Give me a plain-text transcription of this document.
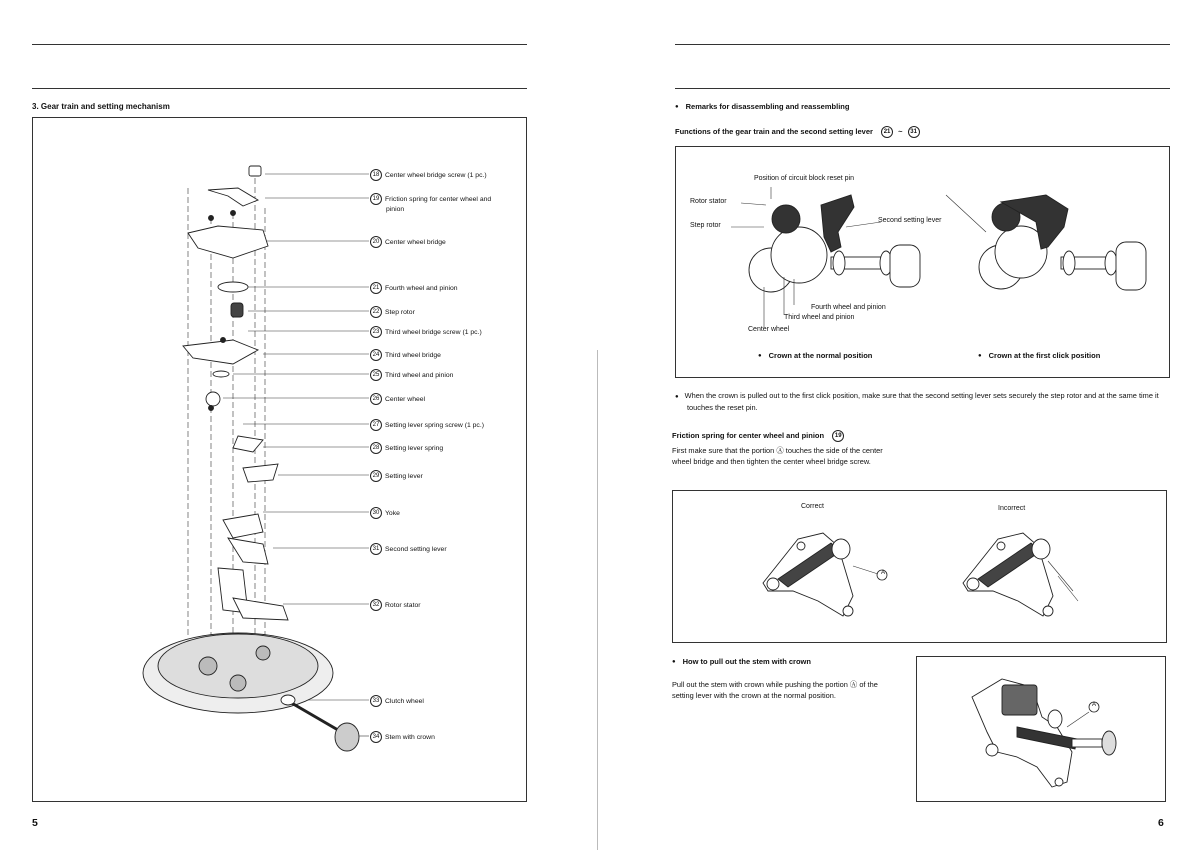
3. Gear train and setting mechanism
18 Center wheel bridge screw (1 pc.)
19 Friction spring for center wheel and
pinion
20 Center wheel bridge
21 Fourth wheel and pinion
22 Step rotor
23 Third wheel bridge screw (1 pc.)
24 Third wheel bridge
25 Third wheel and pinion
26 Center wheel
27 Setting lever spring screw (1 pc.)
28 Setting lever spring
29 Setting lever
30 Yoke
31 Second setting lever
32 Rotor stator
33 Clutch wheel
34 Stem with crown
5
● Remarks for disassembling and reassembling
Functions of the gear train and the second setting lever 21 ~ 31
Position of circuit block reset pin
Rotor stator
Step rotor
Second setting lever
Fourth wheel and pinion
Third wheel and pinion
Center wheel
● Crown at the normal position
●	Crown at the first click position
● When the crown is pulled out to the first click position, make sure that the second setting lever sets securely the step rotor and at the same time it touches the reset pin.
Friction spring for center wheel and pinion 19
First make sure that the portion Ⓐ touches the side of the center wheel bridge and then tighten the center wheel bridge screw.
Correct	Incorrect
A
● How to pull out the stem with crown
Pull out the stem with crown while pushing the portion Ⓐ of the setting lever with the crown at the normal position.
A
6
